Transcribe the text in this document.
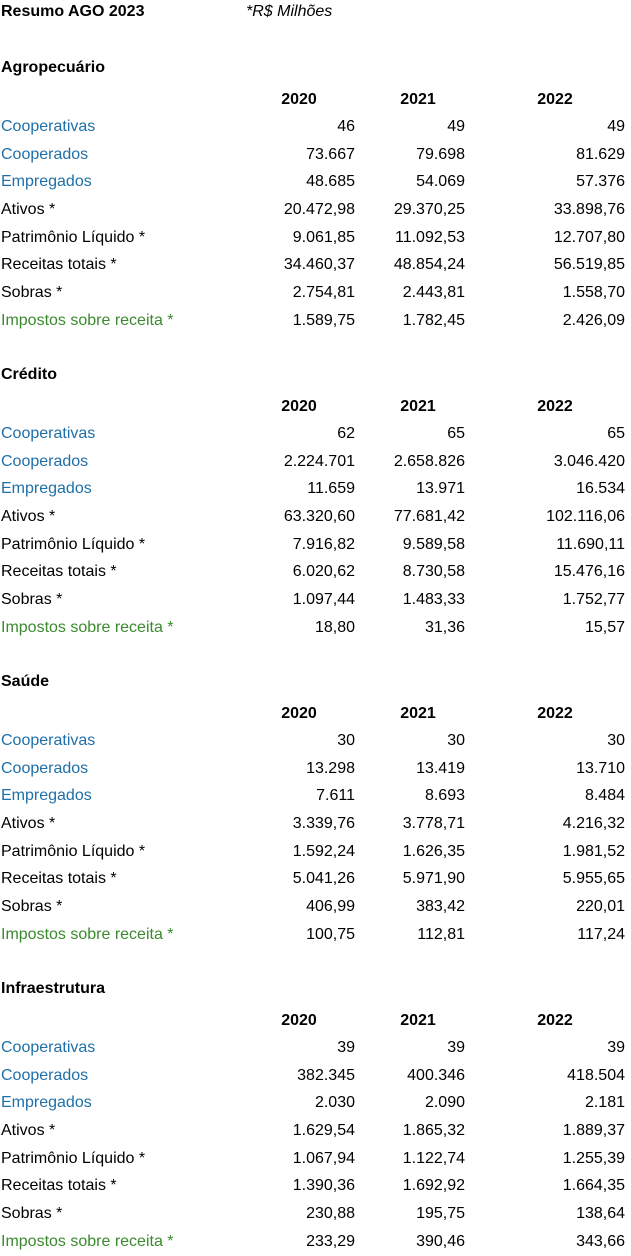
Resumo AGO 2023	*R$ Milhões
Agropecuário
2020	2021	2022
Cooperativas	46	49	49
Cooperados	73.667	79.698	81.629
Empregados	48.685	54.069	57.376
Ativos *	20.472,98	29.370,25	33.898,76
Patrimônio Líquido *	9.061,85	11.092,53	12.707,80
Receitas totais *	34.460,37	48.854,24	56.519,85
Sobras *	2.754,81	2.443,81	1.558,70
Impostos sobre receita *	1.589,75	1.782,45	2.426,09
Crédito
2020	2021	2022
Cooperativas	62	65	65
Cooperados	2.224.701	2.658.826	3.046.420
Empregados	11.659	13.971	16.534
Ativos *	63.320,60	77.681,42	102.116,06
Patrimônio Líquido *	7.916,82	9.589,58	11.690,11
Receitas totais *	6.020,62	8.730,58	15.476,16
Sobras *	1.097,44	1.483,33	1.752,77
Impostos sobre receita *	18,80	31,36	15,57
Saúde
2020	2021	2022
Cooperativas	30	30	30
Cooperados	13.298	13.419	13.710
Empregados	7.611	8.693	8.484
Ativos *	3.339,76	3.778,71	4.216,32
Patrimônio Líquido *	1.592,24	1.626,35	1.981,52
Receitas totais *	5.041,26	5.971,90	5.955,65
Sobras *	406,99	383,42	220,01
Impostos sobre receita *	100,75	112,81	117,24
Infraestrutura
2020	2021	2022
Cooperativas	39	39	39
Cooperados	382.345	400.346	418.504
Empregados	2.030	2.090	2.181
Ativos *	1.629,54	1.865,32	1.889,37
Patrimônio Líquido *	1.067,94	1.122,74	1.255,39
Receitas totais *	1.390,36	1.692,92	1.664,35
Sobras *	230,88	195,75	138,64
Impostos sobre receita *	233,29	390,46	343,66
